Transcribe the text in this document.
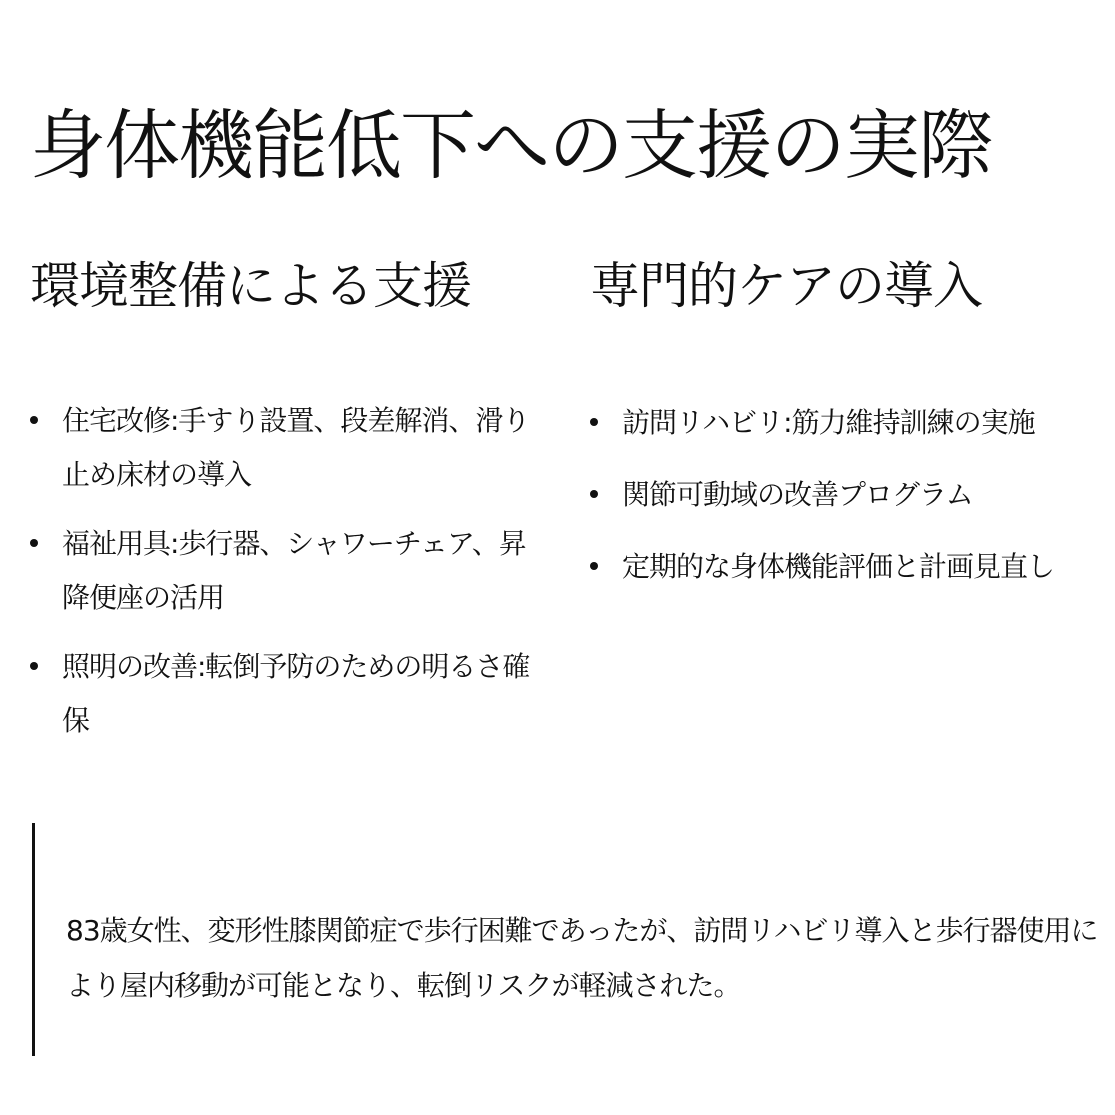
身体機能低下への支援の実際
環境整備による支援
住宅改修:手すり設置、段差解消、滑り止め床材の導入
福祉用具:歩行器、シャワーチェア、昇降便座の活用
照明の改善:転倒予防のための明るさ確保
専門的ケアの導入
訪問リハビリ:筋力維持訓練の実施
関節可動域の改善プログラム
定期的な身体機能評価と計画見直し

83歳女性、変形性膝関節症で歩行困難であったが、訪問リハビリ導入と歩行器使用により屋内移動が可能となり、転倒リスクが軽減された。
